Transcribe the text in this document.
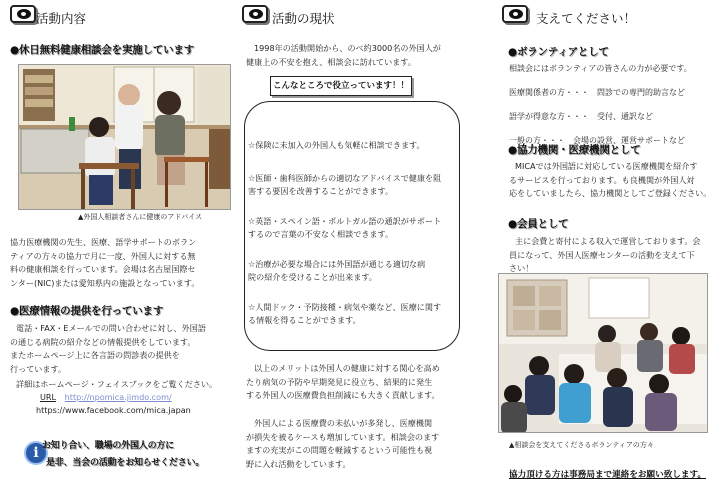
活動内容
●休日無料健康相談会を実施しています
▲外国人相談者さんに健康のアドバイス

協力医療機関の先生、医療、語学サポートのボラン

ティアの方々の協力で月に一度、外国人に対する無

料の健康相談を行っています。会場は名古屋国際セ

ンター(NIC)または愛知県内の施設となっています。

●医療情報の提供を行っています

電話・FAX・Eメールでの問い合わせに対し、外国語

の通じる病院の紹介などの情報提供をしています。

またホームページ上に各言語の問診表の提供を

行っています。

詳細はホームページ・フェイスブックをご覧ください。
URL http://npomica.jimdo.com/
https://www.facebook.com/mica.japan
i お知り合い、職場の外国人の方に
是非、当会の活動をお知らせください。
活動の現状

1998年の活動開始から、のべ約3000名の外国人が

健康上の不安を抱え、相談会に訪れています。

こんなところで役立っています！！

☆保険に未加入の外国人も気軽に相談できます。

☆医師・歯科医師からの適切なアドバイスで健康を阻

害する要因を改善することができます。

☆英語・スペイン語・ポルトガル語の通訳がサポート

するので言葉の不安なく相談できます。

☆治療が必要な場合には外国語が通じる適切な病

院の紹介を受けることが出来ます。

☆人間ドック・予防接種・病気や薬など、医療に関す

る情報を得ることができます。

以上のメリットは外国人の健康に対する関心を高め

たり病気の予防や早期発見に役立ち、結果的に発生

する外国人の医療費負担削減にも大きく貢献します。

外国人による医療費の未払いが多発し、医療機関

が損失を被るケースも増加しています。相談会のます

ますの充実がこの問題を軽減するという可能性も視

野に入れ活動をしています。

支えてください！
●ボランティアとして

相談会にはボランティアの皆さんの力が必要です。

医療関係者の方・・・　問診での専門的助言など

語学が得意な方・・・　受付、通訳など

一般の方・・・　会場の設営、運営サポートなど

●協力機関・医療機関として

MICAでは外国語に対応している医療機関を紹介す

るサービスを行っております。も良機関が外国人対

応をしていましたら、協力機関としてご登録ください。

●会員として

主に会費と寄付による収入で運営しております。会

員になって、外国人医療センターの活動を支えて下

さい！

▲相談会を支えてくださるボランティアの方々
協力頂ける方は事務局まで連絡をお願い致します。
